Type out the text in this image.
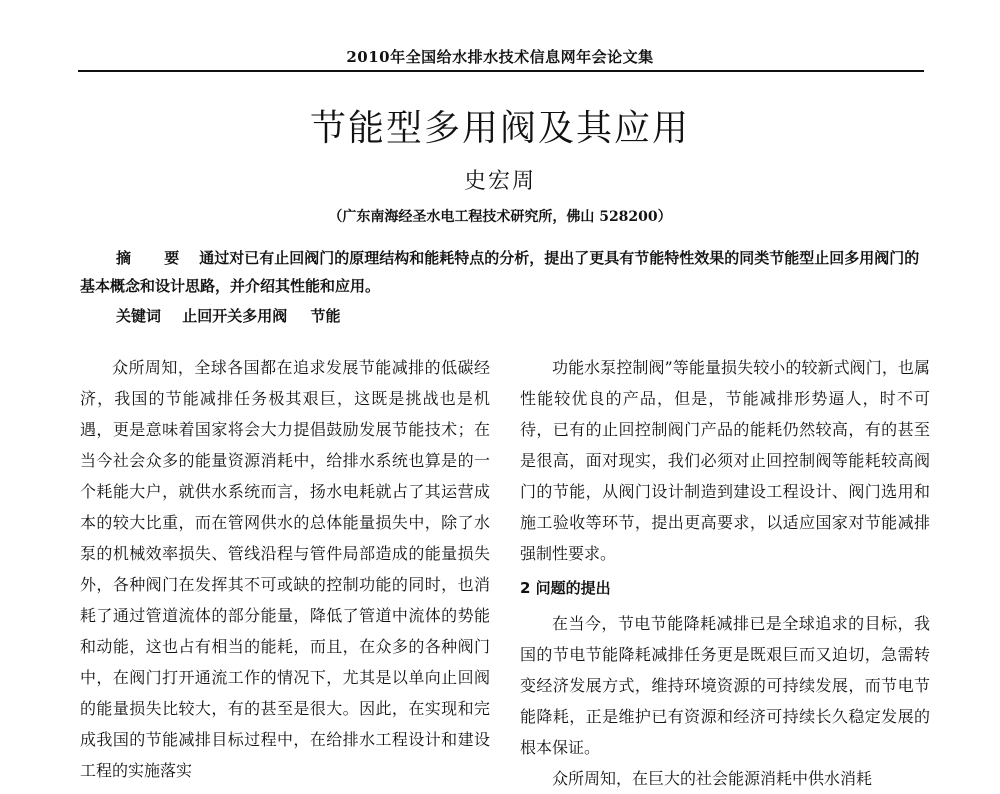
2010年全国给水排水技术信息网年会论文集
节能型多用阀及其应用
史宏周
（广东南海经圣水电工程技术研究所，佛山 528200）

摘 要 通过对已有止回阀门的原理结构和能耗特点的分析，提出了更具有节能特性效果的同类节能型止回多用阀门的基本概念和设计思路，并介绍其性能和应用。

关键词 止回开关多用阀 节能

众所周知，全球各国都在追求发展节能减排的低碳经济，我国的节能减排任务极其艰巨，这既是挑战也是机遇，更是意味着国家将会大力提倡鼓励发展节能技术；在当今社会众多的能量资源消耗中，给排水系统也算是的一个耗能大户，就供水系统而言，扬水电耗就占了其运营成本的较大比重，而在管网供水的总体能量损失中，除了水泵的机械效率损失、管线沿程与管件局部造成的能量损失外，各种阀门在发挥其不可或缺的控制功能的同时，也消耗了通过管道流体的部分能量，降低了管道中流体的势能和动能，这也占有相当的能耗，而且，在众多的各种阀门中，在阀门打开通流工作的情况下，尤其是以单向止回阀的能量损失比较大，有的甚至是很大。因此，在实现和完成我国的节能减排目标过程中，在给排水工程设计和建设工程的实施落实

功能水泵控制阀”等能量损失较小的较新式阀门，也属性能较优良的产品，但是，节能减排形势逼人，时不可待，已有的止回控制阀门产品的能耗仍然较高，有的甚至是很高，面对现实，我们必须对止回控制阀等能耗较高阀门的节能，从阀门设计制造到建设工程设计、阀门选用和施工验收等环节，提出更高要求，以适应国家对节能减排强制性要求。

2 问题的提出

在当今，节电节能降耗减排已是全球追求的目标，我国的节电节能降耗减排任务更是既艰巨而又迫切，急需转变经济发展方式，维持环境资源的可持续发展，而节电节能降耗，正是维护已有资源和经济可持续长久稳定发展的根本保证。

众所周知，在巨大的社会能源消耗中供水消耗
